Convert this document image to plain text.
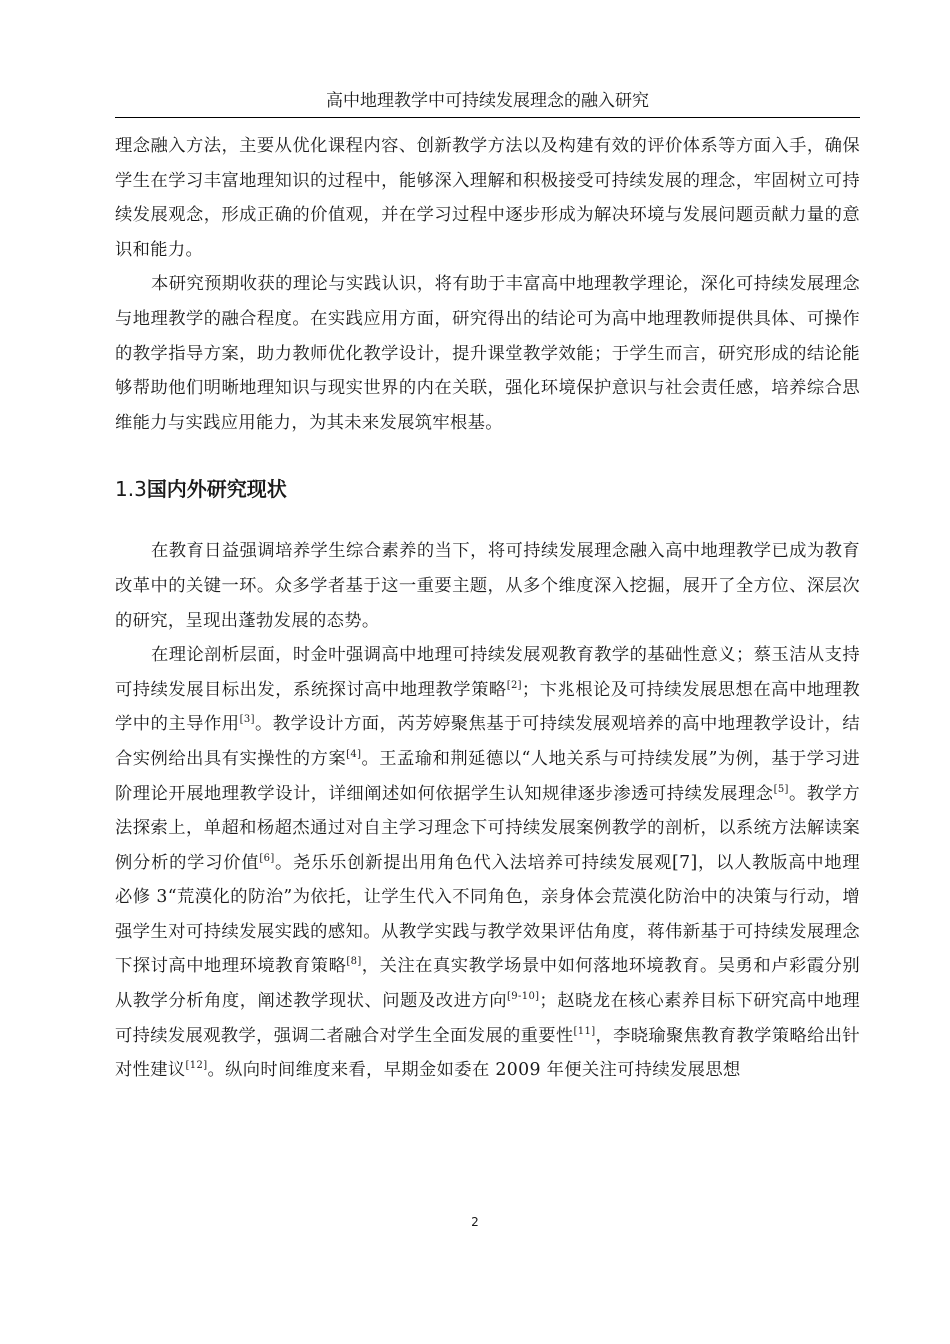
高中地理教学中可持续发展理念的融入研究

理念融入方法，主要从优化课程内容、创新教学方法以及构建有效的评价体系等方面入手，确保学生在学习丰富地理知识的过程中，能够深入理解和积极接受可持续发展的理念，牢固树立可持续发展观念，形成正确的价值观，并在学习过程中逐步形成为解决环境与发展问题贡献力量的意识和能力。

本研究预期收获的理论与实践认识，将有助于丰富高中地理教学理论，深化可持续发展理念与地理教学的融合程度。在实践应用方面，研究得出的结论可为高中地理教师提供具体、可操作的教学指导方案，助力教师优化教学设计，提升课堂教学效能；于学生而言，研究形成的结论能够帮助他们明晰地理知识与现实世界的内在关联，强化环境保护意识与社会责任感，培养综合思维能力与实践应用能力，为其未来发展筑牢根基。

1.3国内外研究现状

在教育日益强调培养学生综合素养的当下，将可持续发展理念融入高中地理教学已成为教育改革中的关键一环。众多学者基于这一重要主题，从多个维度深入挖掘，展开了全方位、深层次的研究，呈现出蓬勃发展的态势。

在理论剖析层面，时金叶强调高中地理可持续发展观教育教学的基础性意义；蔡玉洁从支持可持续发展目标出发，系统探讨高中地理教学策略[2]；卞兆根论及可持续发展思想在高中地理教学中的主导作用[3]。教学设计方面，芮芳婷聚焦基于可持续发展观培养的高中地理教学设计，结合实例给出具有实操性的方案[4]。王孟瑜和荆延德以“人地关系与可持续发展”为例，基于学习进阶理论开展地理教学设计，详细阐述如何依据学生认知规律逐步渗透可持续发展理念[5]。教学方法探索上，单超和杨超杰通过对自主学习理念下可持续发展案例教学的剖析，以系统方法解读案例分析的学习价值[6]。尧乐乐创新提出用角色代入法培养可持续发展观[7]，以人教版高中地理必修 3“荒漠化的防治”为依托，让学生代入不同角色，亲身体会荒漠化防治中的决策与行动，增强学生对可持续发展实践的感知。从教学实践与教学效果评估角度，蒋伟新基于可持续发展理念下探讨高中地理环境教育策略[8]，关注在真实教学场景中如何落地环境教育。吴勇和卢彩霞分别从教学分析角度，阐述教学现状、问题及改进方向[9-10]；赵晓龙在核心素养目标下研究高中地理可持续发展观教学，强调二者融合对学生全面发展的重要性[11]，李晓瑜聚焦教育教学策略给出针对性建议[12]。纵向时间维度来看，早期金如委在 2009 年便关注可持续发展思想

2
